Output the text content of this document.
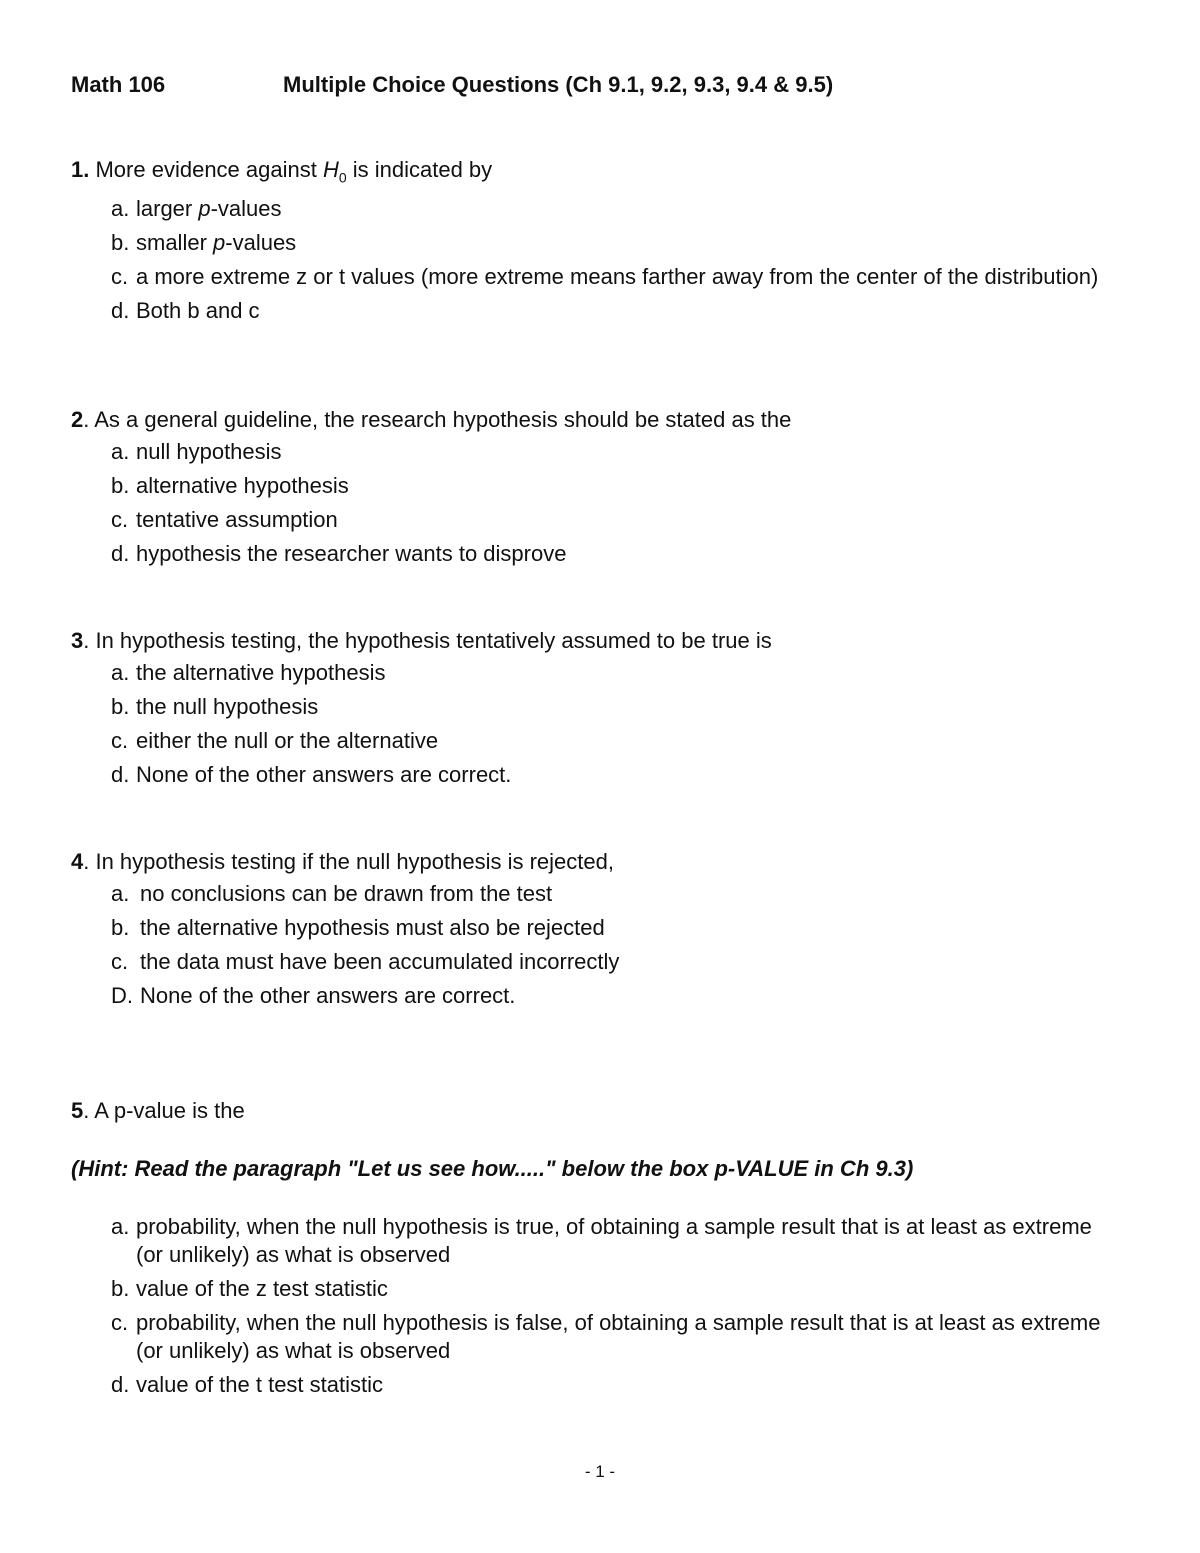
Math 106	Multiple Choice Questions (Ch 9.1, 9.2, 9.3, 9.4 & 9.5)
1. More evidence against $H_0$ is indicated by
a. larger p-values
b. smaller p-values
c. a more extreme z or t values (more extreme means farther away from the center of the distribution)
d. Both b and c
2. As a general guideline, the research hypothesis should be stated as the
a. null hypothesis
b. alternative hypothesis
c. tentative assumption
d. hypothesis the researcher wants to disprove
3. In hypothesis testing, the hypothesis tentatively assumed to be true is
a. the alternative hypothesis
b. the null hypothesis
c. either the null or the alternative
d. None of the other answers are correct.
4. In hypothesis testing if the null hypothesis is rejected,
a. no conclusions can be drawn from the test
b. the alternative hypothesis must also be rejected
c. the data must have been accumulated incorrectly
D. None of the other answers are correct.
5. A p-value is the
(Hint: Read the paragraph "Let us see how....." below the box p-VALUE in Ch 9.3)
a. probability, when the null hypothesis is true, of obtaining a sample result that is at least as extreme (or unlikely) as what is observed
b. value of the z test statistic
c. probability, when the null hypothesis is false, of obtaining a sample result that is at least as extreme (or unlikely) as what is observed
d. value of the t test statistic
- 1 -
